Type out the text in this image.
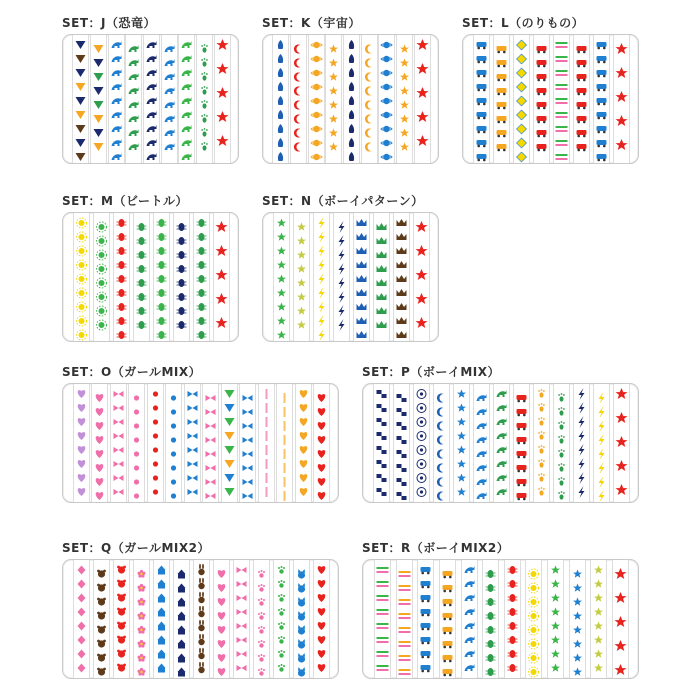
SET：J（恐竜）	SET：K（宇宙）	SET：L（のりもの）
SET：M（ビートル）	SET：N（ボーイパターン）
SET：O（ガールMIX）	SET：P（ボーイMIX）
SET：Q（ガールMIX2）	SET：R（ボーイMIX2）
